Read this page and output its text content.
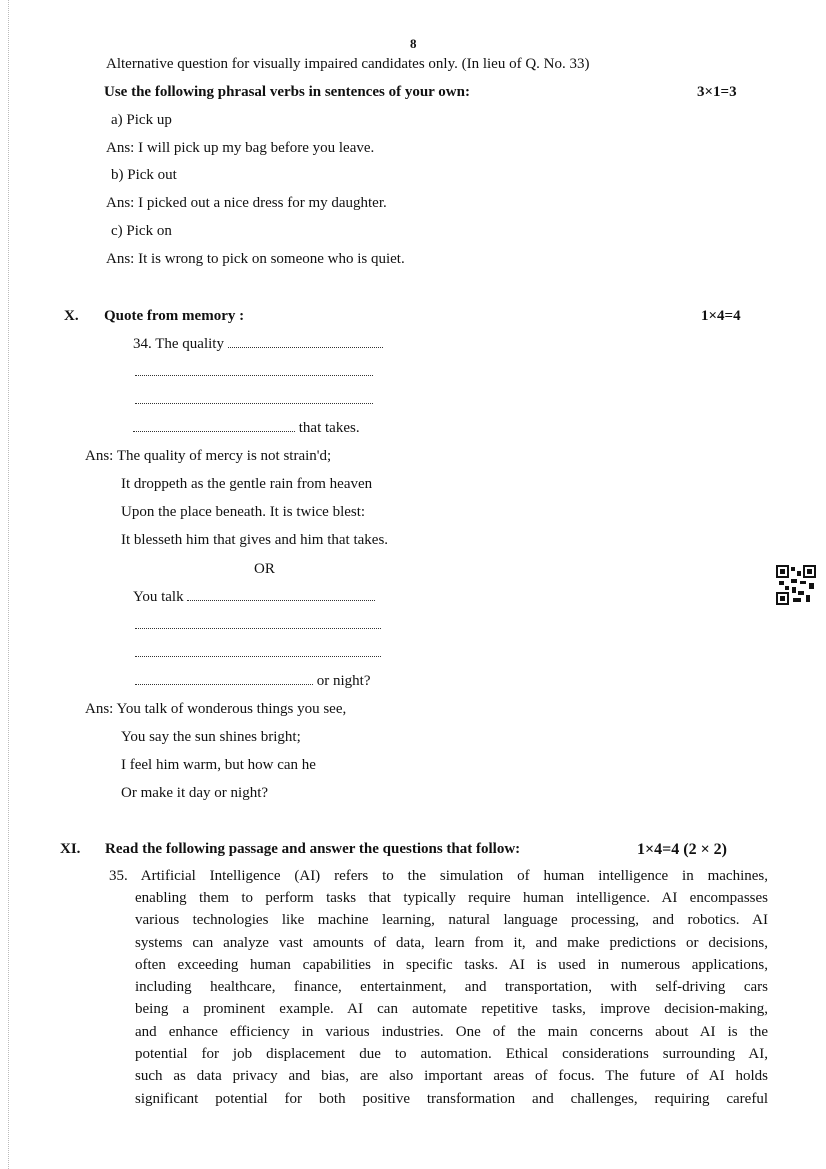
8
Alternative question for visually impaired candidates only. (In lieu of Q. No. 33)
Use the following phrasal verbs in sentences of your own:	3×1=3
a) Pick up
Ans: I will pick up my bag before you leave.
b) Pick out
Ans: I picked out a nice dress for my daughter.
c) Pick on
Ans: It is wrong to pick on someone who is quiet.
X. Quote from memory :	1×4=4
34. The quality
that takes.
Ans: The quality of mercy is not strain'd;
It droppeth as the gentle rain from heaven
Upon the place beneath. It is twice blest:
It blesseth him that gives and him that takes.
OR
You talk
or night?
Ans: You talk of wonderous things you see,
You say the sun shines bright;
I feel him warm, but how can he
Or make it day or night?
XI. Read the following passage and answer the questions that follow:	1×4=4 (2 × 2)
35. Artificial Intelligence (AI) refers to the simulation of human intelligence in machines,
enabling them to perform tasks that typically require human intelligence. AI encompasses
various technologies like machine learning, natural language processing, and robotics. AI
systems can analyze vast amounts of data, learn from it, and make predictions or decisions,
often exceeding human capabilities in specific tasks. AI is used in numerous applications,
including healthcare, finance, entertainment, and transportation, with self-driving cars
being a prominent example. AI can automate repetitive tasks, improve decision-making,
and enhance efficiency in various industries. One of the main concerns about AI is the
potential for job displacement due to automation. Ethical considerations surrounding AI,
such as data privacy and bias, are also important areas of focus. The future of AI holds
significant potential for both positive transformation and challenges, requiring careful
